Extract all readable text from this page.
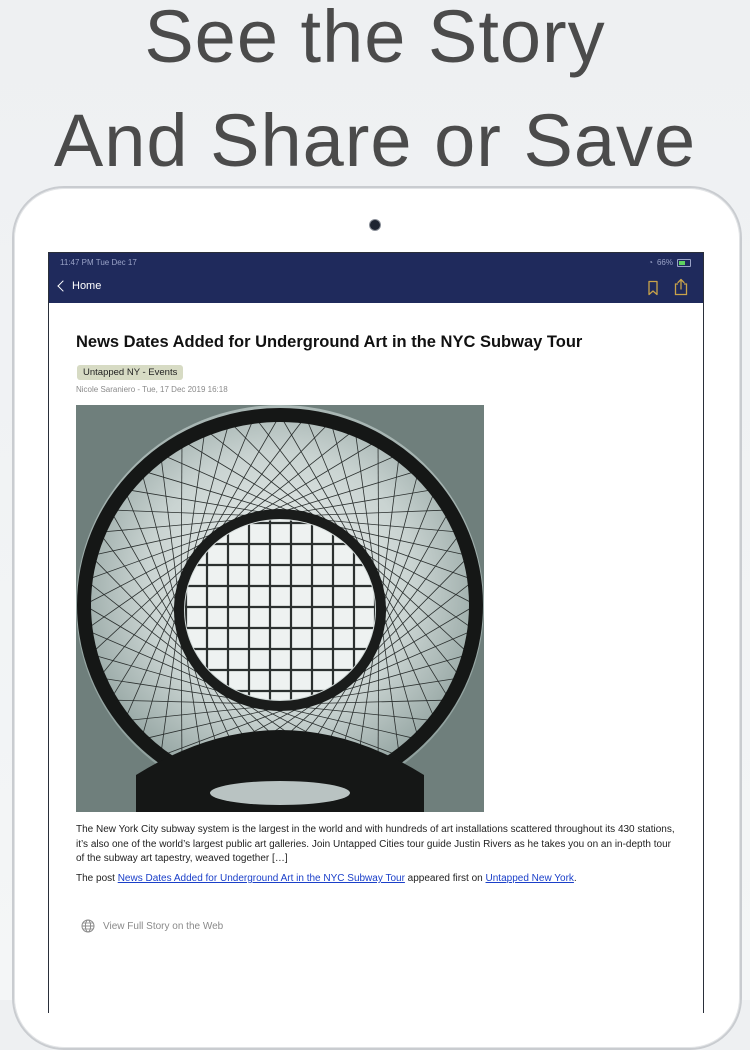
See the Story
And Share or Save
11:47 PM Tue Dec 17	◔ 66%
Home
News Dates Added for Underground Art in the NYC Subway Tour
Untapped NY - Events
Nicole Saraniero - Tue, 17 Dec 2019 16:18

The New York City subway system is the largest in the world and with hundreds of art installations scattered throughout its 430 stations, it’s also one of the world’s largest public art galleries. Join Untapped Cities tour guide Justin Rivers as he takes you on an in-depth tour of the subway art tapestry, weaved together […]

The post News Dates Added for Underground Art in the NYC Subway Tour appeared first on Untapped New York.

View Full Story on the Web
